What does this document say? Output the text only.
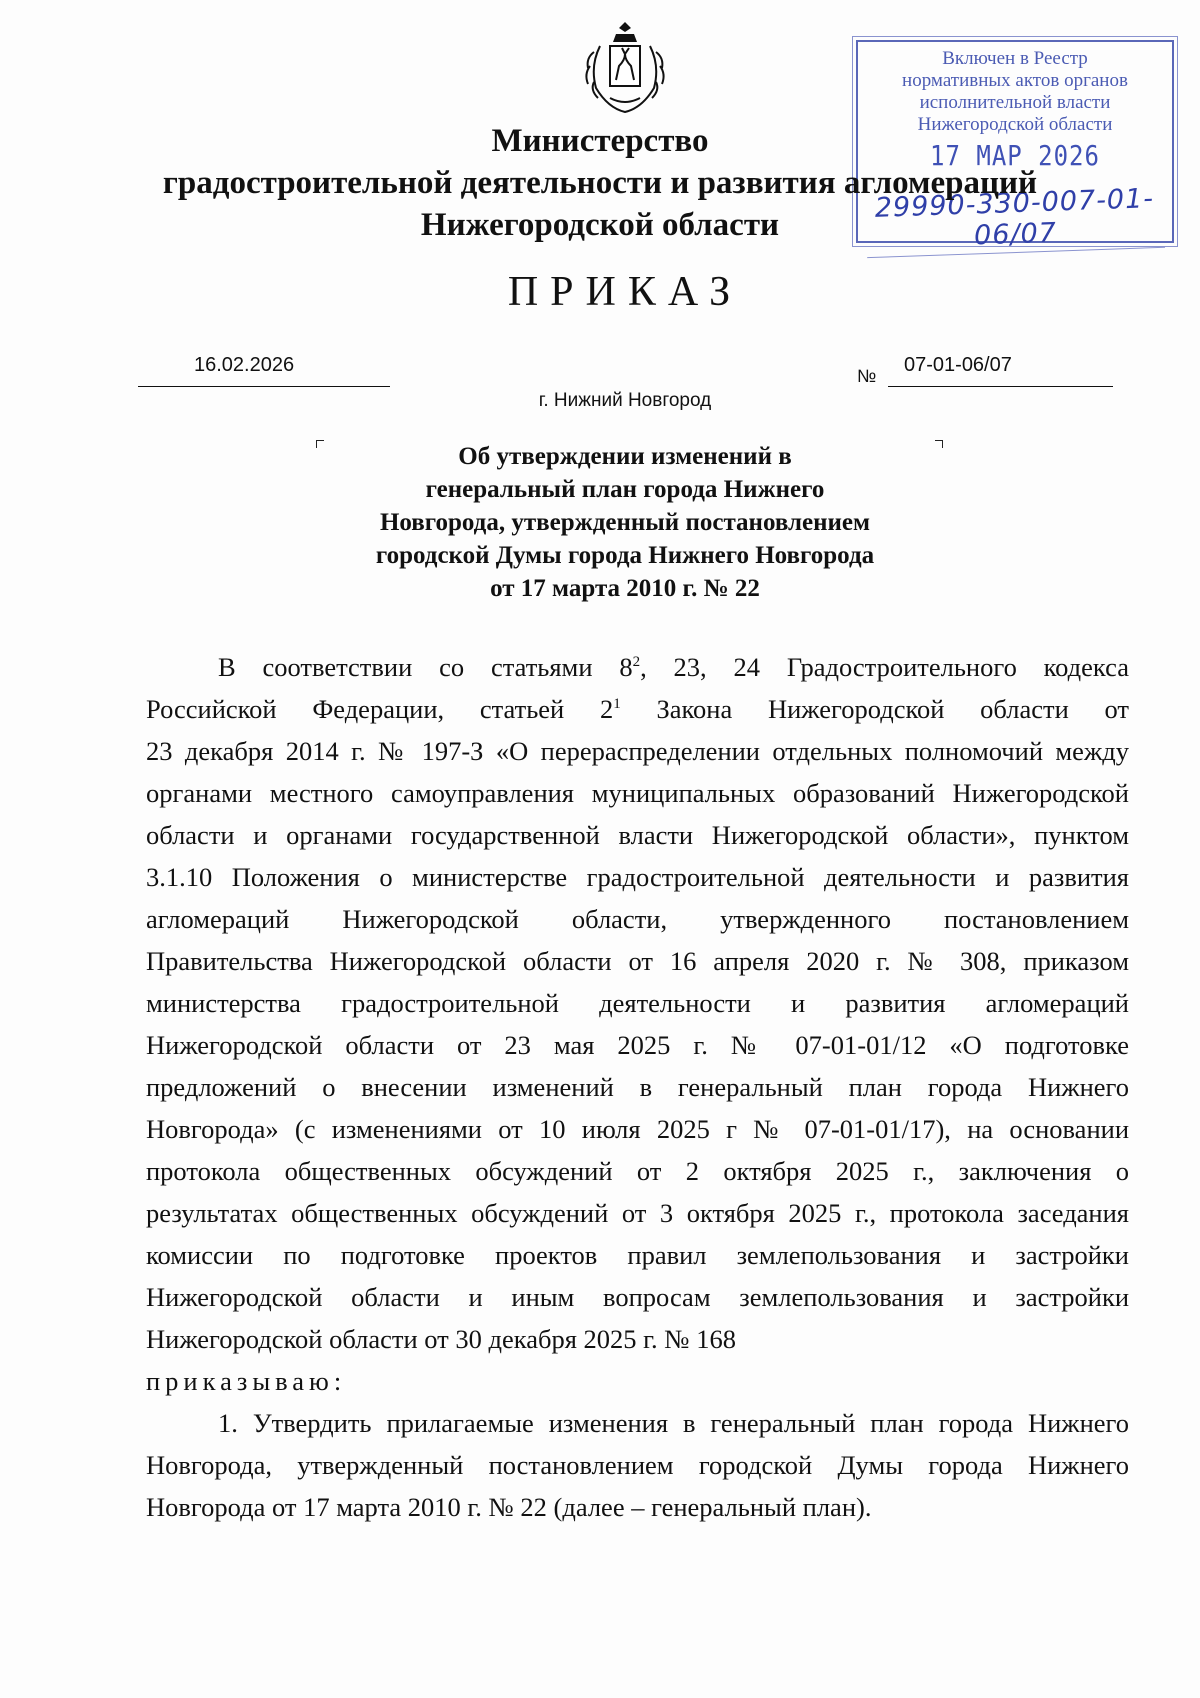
Включен в Реестр
нормативных актов органов
исполнительной власти
Нижегородской области
17 MAP 2026
29990-330-007-01-06/07
Министерство
градостроительной деятельности и развития агломераций
Нижегородской области
ПРИКАЗ
16.02.2026	№ 07-01-06/07
г. Нижний Новгород
Об утверждении изменений в
генеральный план города Нижнего
Новгорода, утвержденный постановлением
городской Думы города Нижнего Новгорода
от 17 марта 2010 г. № 22
В соответствии со статьями $8^2$, 23, 24 Градостроительного кодекса
Российской Федерации, статьей $2^1$ Закона Нижегородской области от
23 декабря 2014 г. № 197-З «О перераспределении отдельных полномочий между
органами местного самоуправления муниципальных образований Нижегородской
области и органами государственной власти Нижегородской области», пунктом
3.1.10 Положения о министерстве градостроительной деятельности и развития
агломераций Нижегородской области, утвержденного постановлением
Правительства Нижегородской области от 16 апреля 2020 г. № 308, приказом
министерства градостроительной деятельности и развития агломераций
Нижегородской области от 23 мая 2025 г. № 07-01-01/12 «О подготовке
предложений о внесении изменений в генеральный план города Нижнего
Новгорода» (с изменениями от 10 июля 2025 г № 07-01-01/17), на основании
протокола общественных обсуждений от 2 октября 2025 г., заключения о
результатах общественных обсуждений от 3 октября 2025 г., протокола заседания
комиссии по подготовке проектов правил землепользования и застройки
Нижегородской области и иным вопросам землепользования и застройки
Нижегородской области от 30 декабря 2025 г. № 168
приказываю:
1. Утвердить прилагаемые изменения в генеральный план города Нижнего
Новгорода, утвержденный постановлением городской Думы города Нижнего
Новгорода от 17 марта 2010 г. № 22 (далее – генеральный план).
